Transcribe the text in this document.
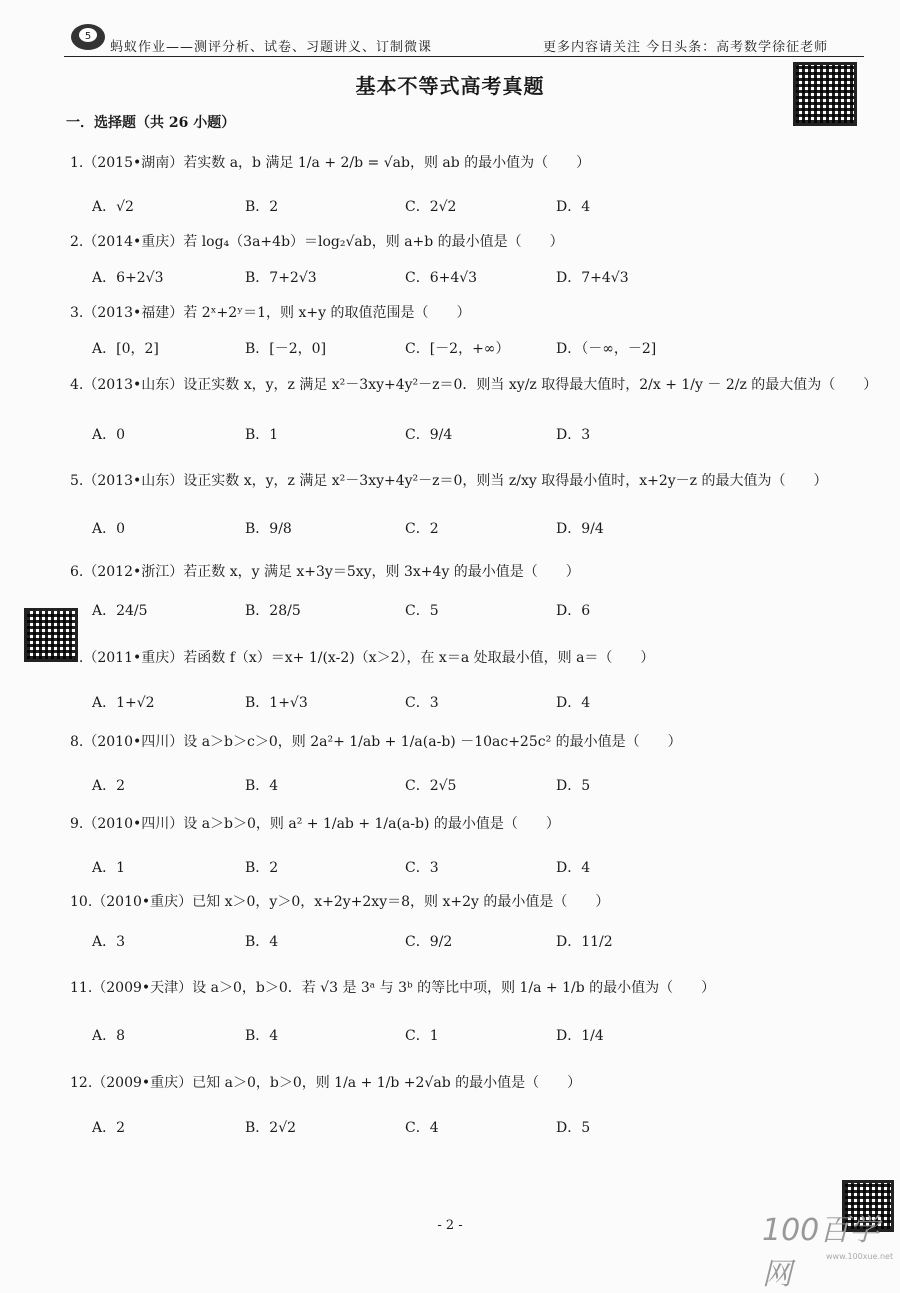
5
蚂蚁作业——测评分析、试卷、习题讲义、订制微课	更多内容请关注 今日头条：高考数学徐征老师
基本不等式高考真题
一．选择题（共 26 小题）
1.（2015•湖南）若实数 a，b 满足 1/a + 2/b = √ab，则 ab 的最小值为（　　）
A．√2	B．2	C．2√2	D．4
2.（2014•重庆）若 log₄（3a+4b）＝log₂√ab，则 a+b 的最小值是（　　）
A．6+2√3	B．7+2√3	C．6+4√3	D．7+4√3
3.（2013•福建）若 2ˣ+2ʸ＝1，则 x+y 的取值范围是（　　）
A．[0，2]	B．[－2，0]	C．[－2，+∞）	D．（－∞，－2]
4.（2013•山东）设正实数 x，y，z 满足 x²－3xy+4y²－z＝0．则当 xy/z 取得最大值时，2/x + 1/y － 2/z 的最大值为（　　）
A．0	B．1	C．9/4	D．3
5.（2013•山东）设正实数 x，y，z 满足 x²－3xy+4y²－z＝0，则当 z/xy 取得最小值时，x+2y－z 的最大值为（　　）
A．0	B．9/8	C．2	D．9/4
6.（2012•浙江）若正数 x，y 满足 x+3y＝5xy，则 3x+4y 的最小值是（　　）
A．24/5	B．28/5	C．5	D．6
7.（2011•重庆）若函数 f（x）＝x+ 1/(x-2)（x＞2），在 x＝a 处取最小值，则 a＝（　　）
A．1+√2	B．1+√3	C．3	D．4
8.（2010•四川）设 a＞b＞c＞0，则 2a²+ 1/ab + 1/a(a-b) －10ac+25c² 的最小值是（　　）
A．2	B．4	C．2√5	D．5
9.（2010•四川）设 a＞b＞0，则 a² + 1/ab + 1/a(a-b) 的最小值是（　　）
A．1	B．2	C．3	D．4
10.（2010•重庆）已知 x＞0，y＞0，x+2y+2xy＝8，则 x+2y 的最小值是（　　）
A．3	B．4	C．9/2	D．11/2
11.（2009•天津）设 a＞0，b＞0．若 √3 是 3ᵃ 与 3ᵇ 的等比中项，则 1/a + 1/b 的最小值为（　　）
A．8	B．4	C．1	D．1/4
12.（2009•重庆）已知 a＞0，b＞0，则 1/a + 1/b +2√ab 的最小值是（　　）
A．2	B．2√2	C．4	D．5
- 2 -	100百学网
www.100xue.net
